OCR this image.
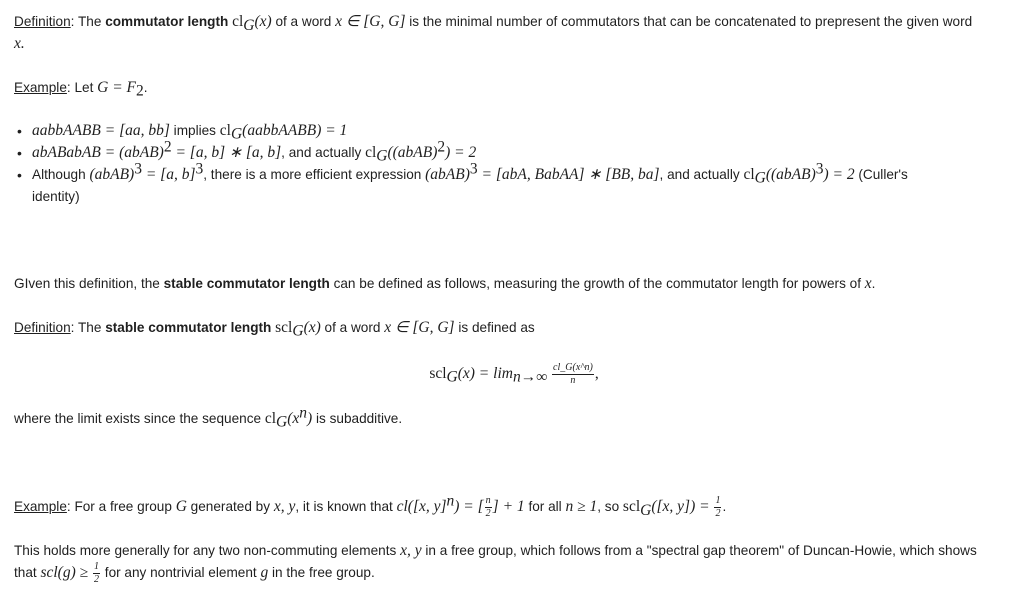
Definition: The commutator length $cl_G(x)$ of a word x ∈ [G, G] is the minimal number of commutators that can be concatenated to prepresent the given word
x.
Example: Let $G = F_2$.
• aabbAABB = [aa, bb] implies $cl_G(aabbAABB) = 1$
• abABabAB = (abAB)$^2$ = [a, b] ∗ [a, b], and actually $cl_G((abAB)^2) = 2$
• Although (abAB)$^3$ = [a, b]$^3$, there is a more efficient expression (abAB)$^3$ = [abA, BabAA] ∗ [BB, ba], and actually $cl_G((abAB)^3) = 2$ (Culler's
identity)
GIven this definition, the stable commutator length can be defined as follows, measuring the growth of the commutator length for powers of x.
Definition: The stable commutator length scl$_G$(x) of a word x ∈ [G, G] is defined as
$scl_G(x) = \lim_{n\to\infty} \frac{cl\_G(x\^{}n)}{n}$ ,
where the limit exists since the sequence $cl_G(x^n)$ is subadditive.
Example: For a free group G generated by x, y, it is known that cl([x, y]$^n$) = [ $\frac{n}{2}$ ] + 1 for all n ≥ 1, so scl$_G$([x, $y]) = \frac{1}{2}$ .
This holds more generally for any two non-commuting elements x, y in a free group, which follows from a "spectral gap theorem" of Duncan-Howie, which shows
that $scl(g) \ge \frac{1}{2}$ for any nontrivial element g in the free group.
